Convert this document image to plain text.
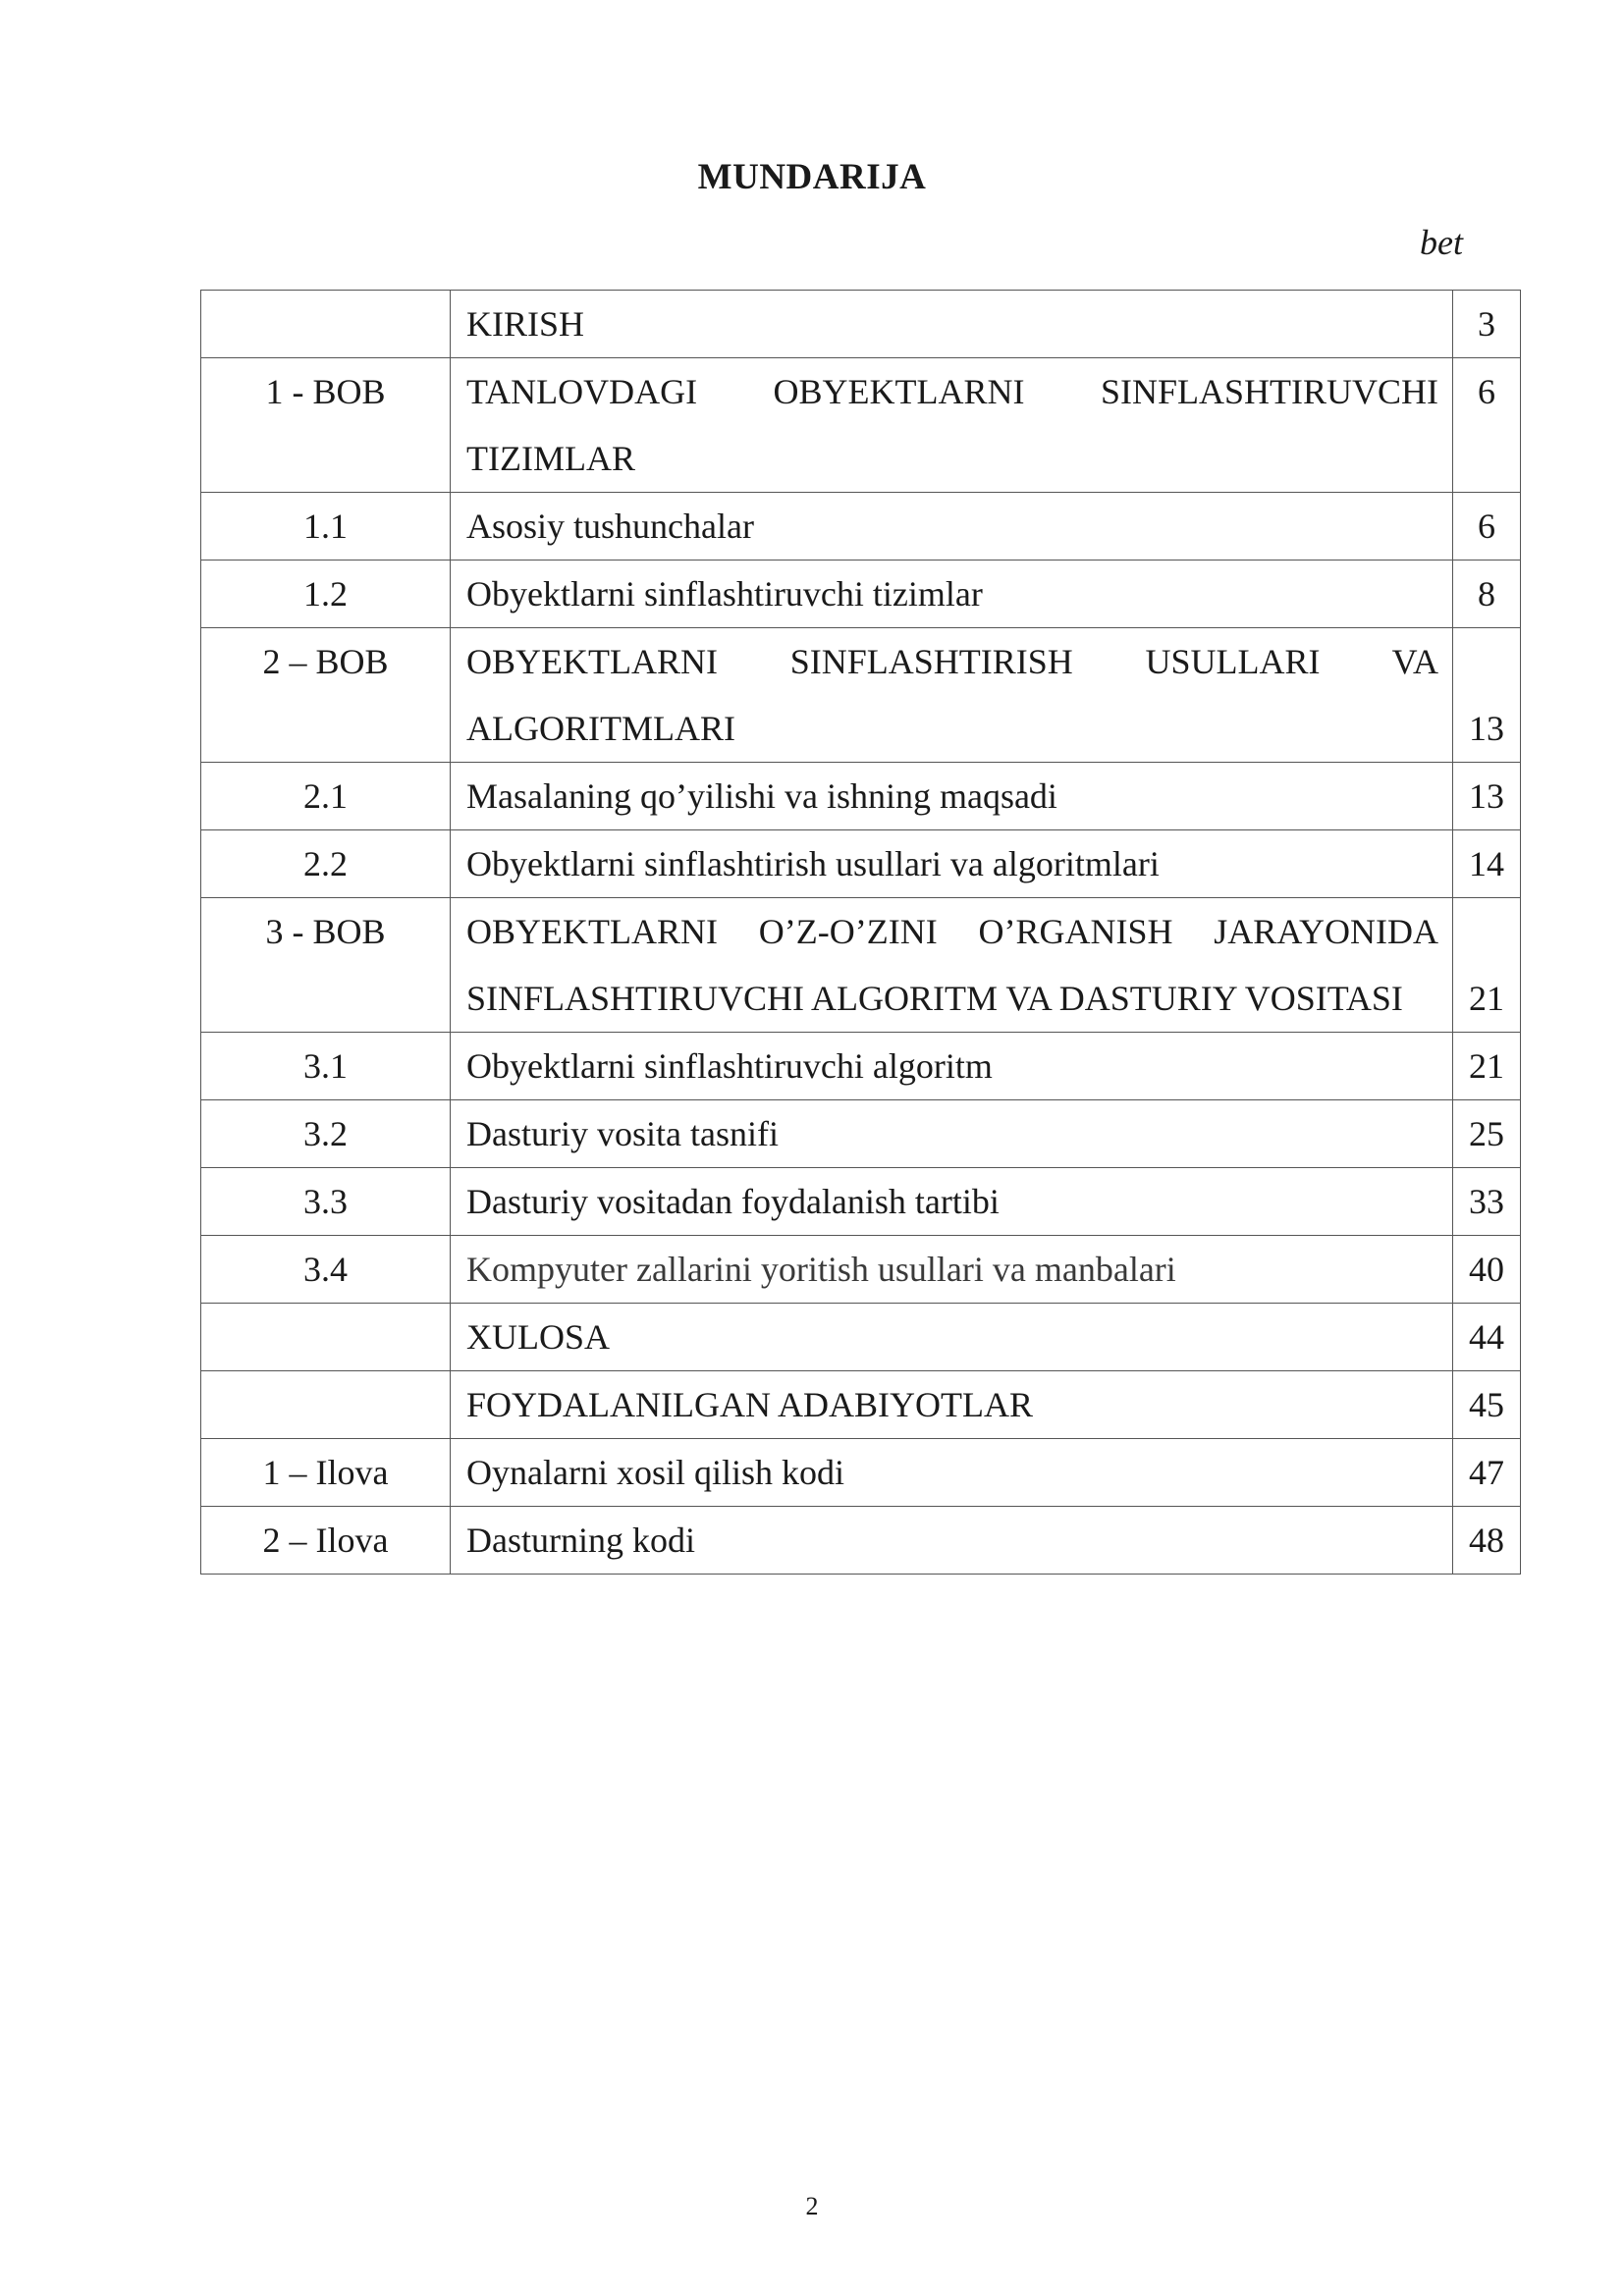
MUNDARIJA
bet
	KIRISH	3
1 - BOB	TANLOVDAGI OBYEKTLARNI SINFLASHTIRUVCHI TIZIMLAR	6
1.1	Asosiy tushunchalar	6
1.2	Obyektlarni sinflashtiruvchi tizimlar	8
2 – BOB	OBYEKTLARNI SINFLASHTIRISH USULLARI VA ALGORITMLARI	13
2.1	Masalaning qo’yilishi va ishning maqsadi	13
2.2	Obyektlarni sinflashtirish usullari va algoritmlari	14
3 - BOB	OBYEKTLARNI O’Z-O’ZINI O’RGANISH JARAYONIDA SINFLASHTIRUVCHI ALGORITM VA DASTURIY VOSITASI	21
3.1	Obyektlarni sinflashtiruvchi algoritm	21
3.2	Dasturiy vosita tasnifi	25
3.3	Dasturiy vositadan foydalanish tartibi	33
3.4	Kompyuter zallarini yoritish usullari va manbalari	40
	XULOSA	44
	FOYDALANILGAN ADABIYOTLAR	45
1 – Ilova	Oynalarni xosil qilish kodi	47
2 – Ilova	Dasturning kodi	48
2
